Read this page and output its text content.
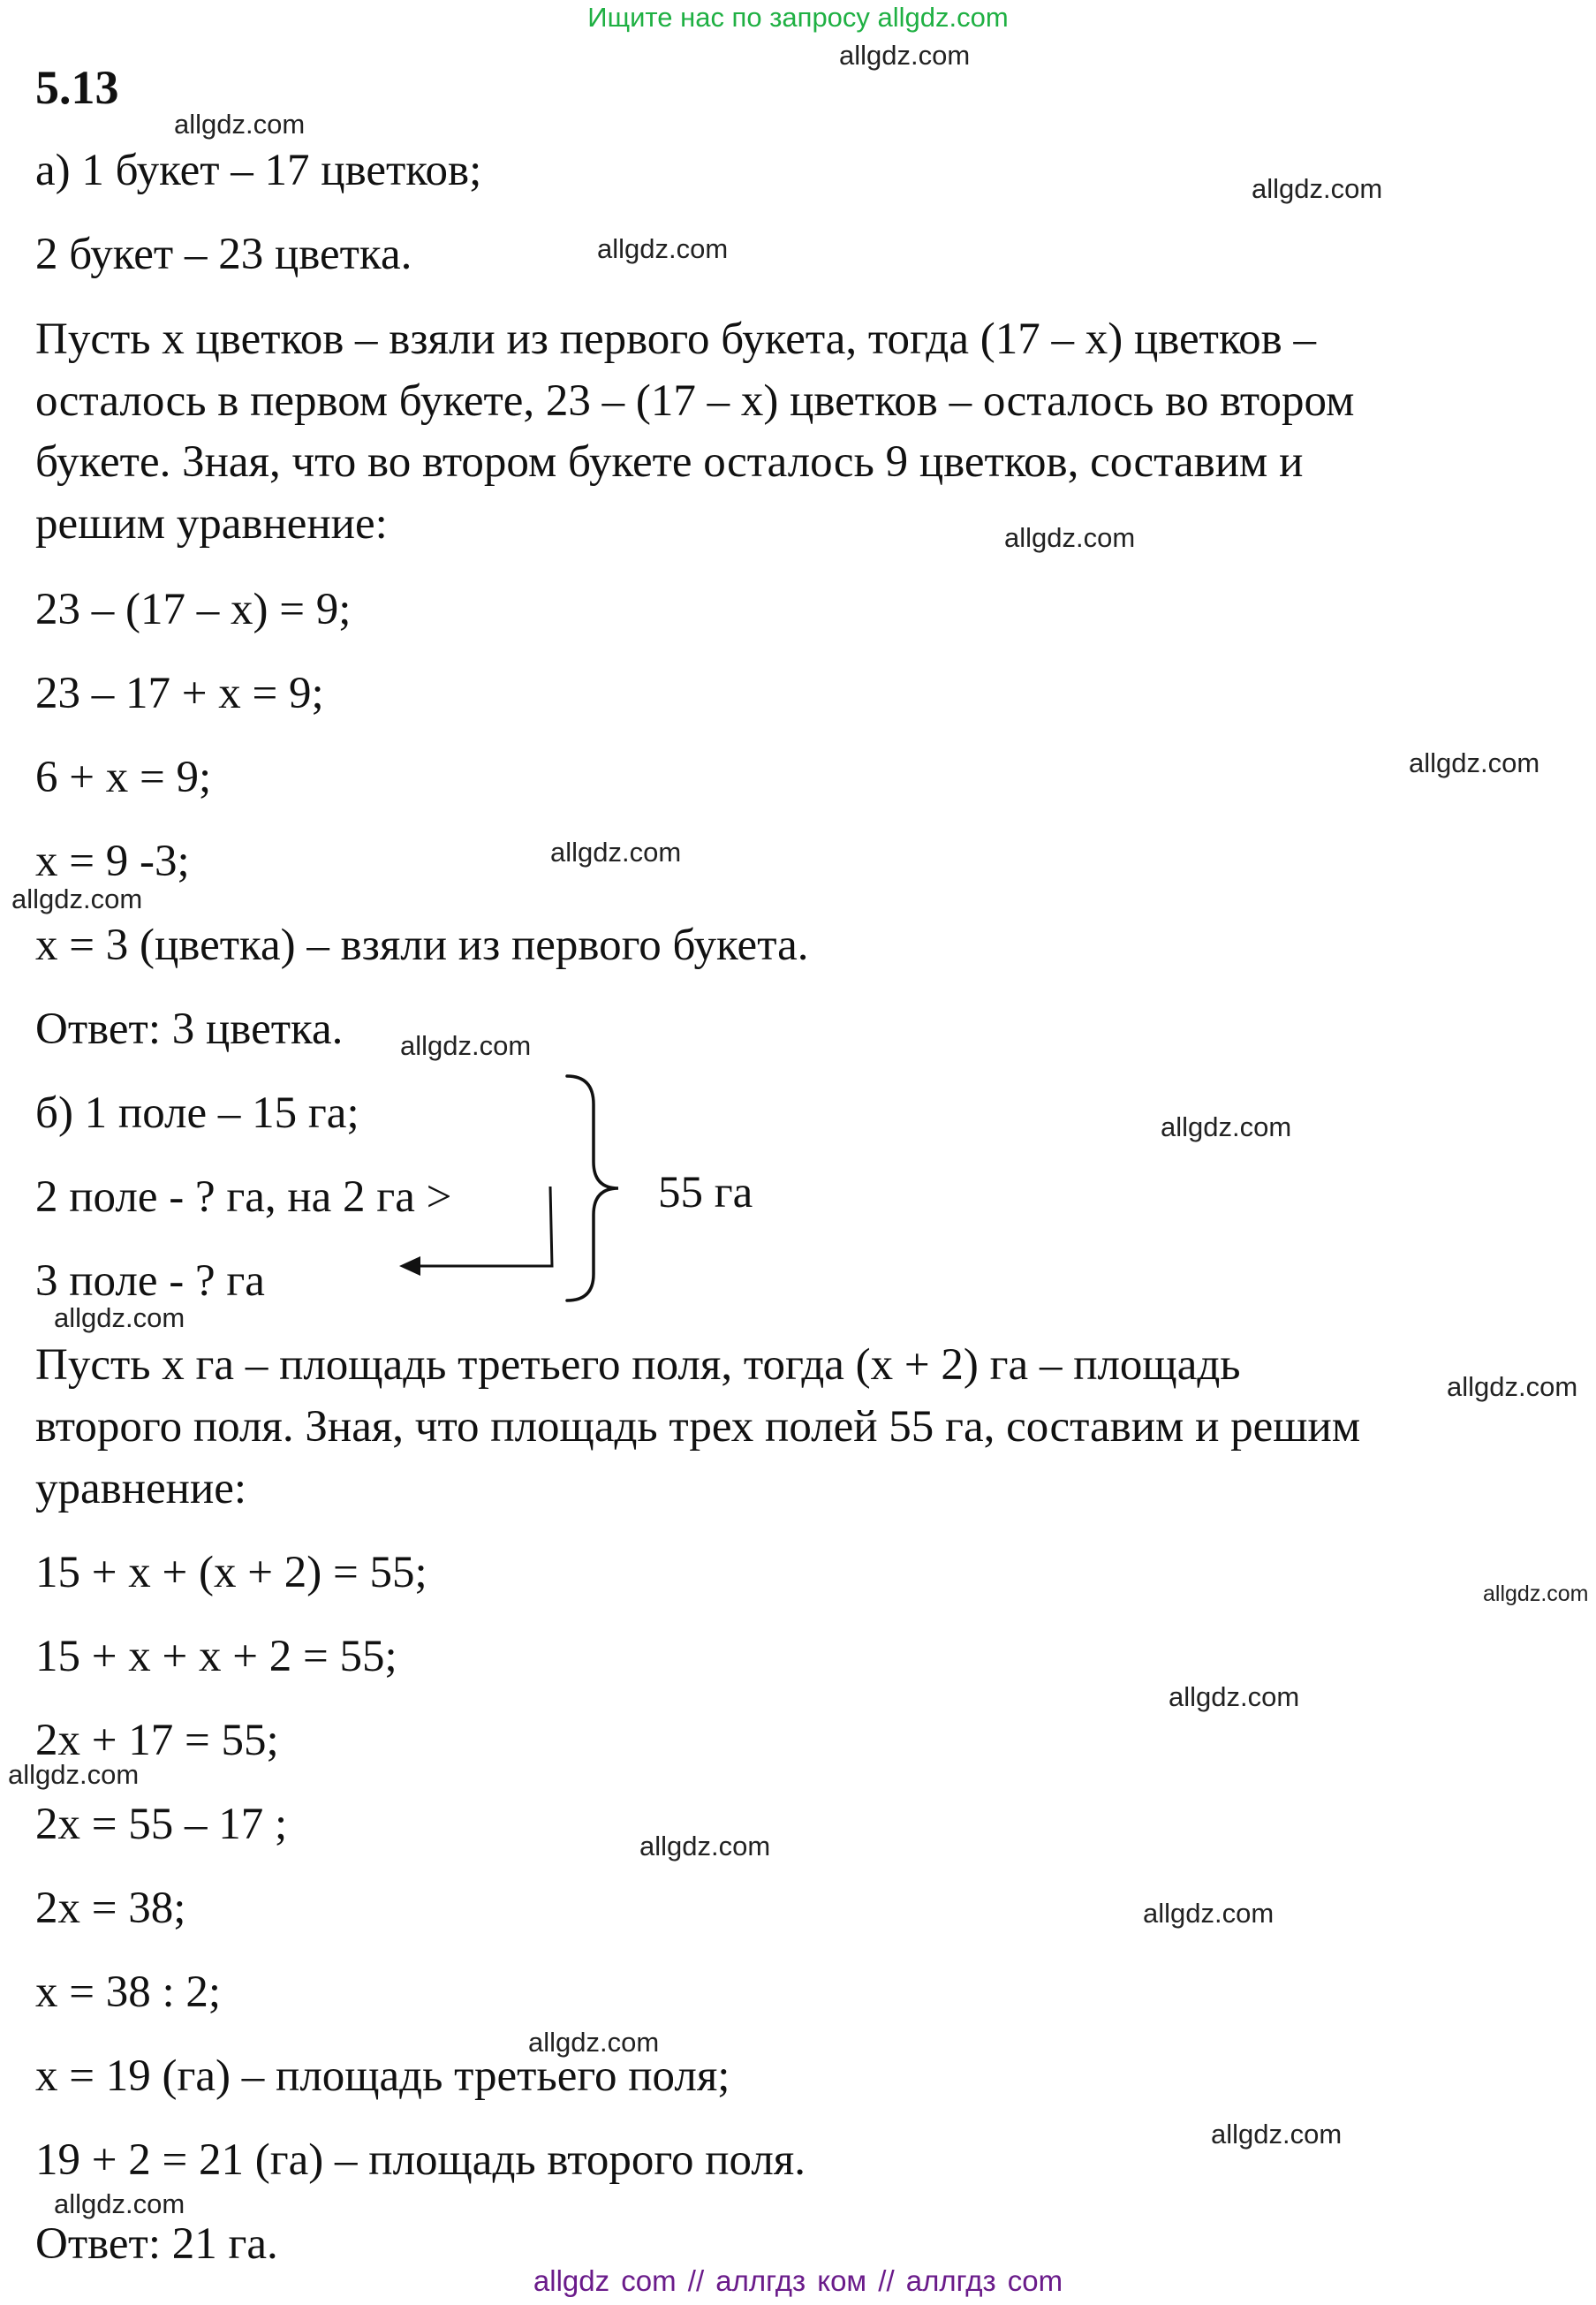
Ищите нас по запросу allgdz.com
5.13
а) 1 букет – 17 цветков;
2 букет – 23 цветка.
Пусть x цветков – взяли из первого букета, тогда (17 – x) цветков –
осталось в первом букете, 23 – (17 – x) цветков – осталось во втором
букете. Зная, что во втором букете осталось 9 цветков, составим и
решим уравнение:
23 – (17 – x) = 9;
23 – 17 + x = 9;
6 + x = 9;
x = 9 -3;
x = 3 (цветка) – взяли из первого букета.
Ответ: 3 цветка.
б) 1 поле – 15 га;
2 поле - ? га, на 2 га >
3 поле - ? га
55 га
Пусть x га – площадь третьего поля, тогда (x + 2) га – площадь
второго поля. Зная, что площадь трех полей 55 га, составим и решим
уравнение:
15 + x + (x + 2) = 55;
15 + x + x + 2 = 55;
2x + 17 = 55;
2x = 55 – 17 ;
2x = 38;
x = 38 : 2;
x = 19 (га) – площадь третьего поля;
19 + 2 = 21 (га) – площадь второго поля.
Ответ: 21 га.
allgdz.com
allgdz.com
allgdz.com
allgdz.com
allgdz.com
allgdz.com
allgdz.com
allgdz.com
allgdz.com
allgdz.com
allgdz.com
allgdz.com
allgdz.com
allgdz.com
allgdz.com
allgdz.com
allgdz.com
allgdz.com
allgdz.com
allgdz.com
allgdz com // аллгдз ком // аллгдз com
